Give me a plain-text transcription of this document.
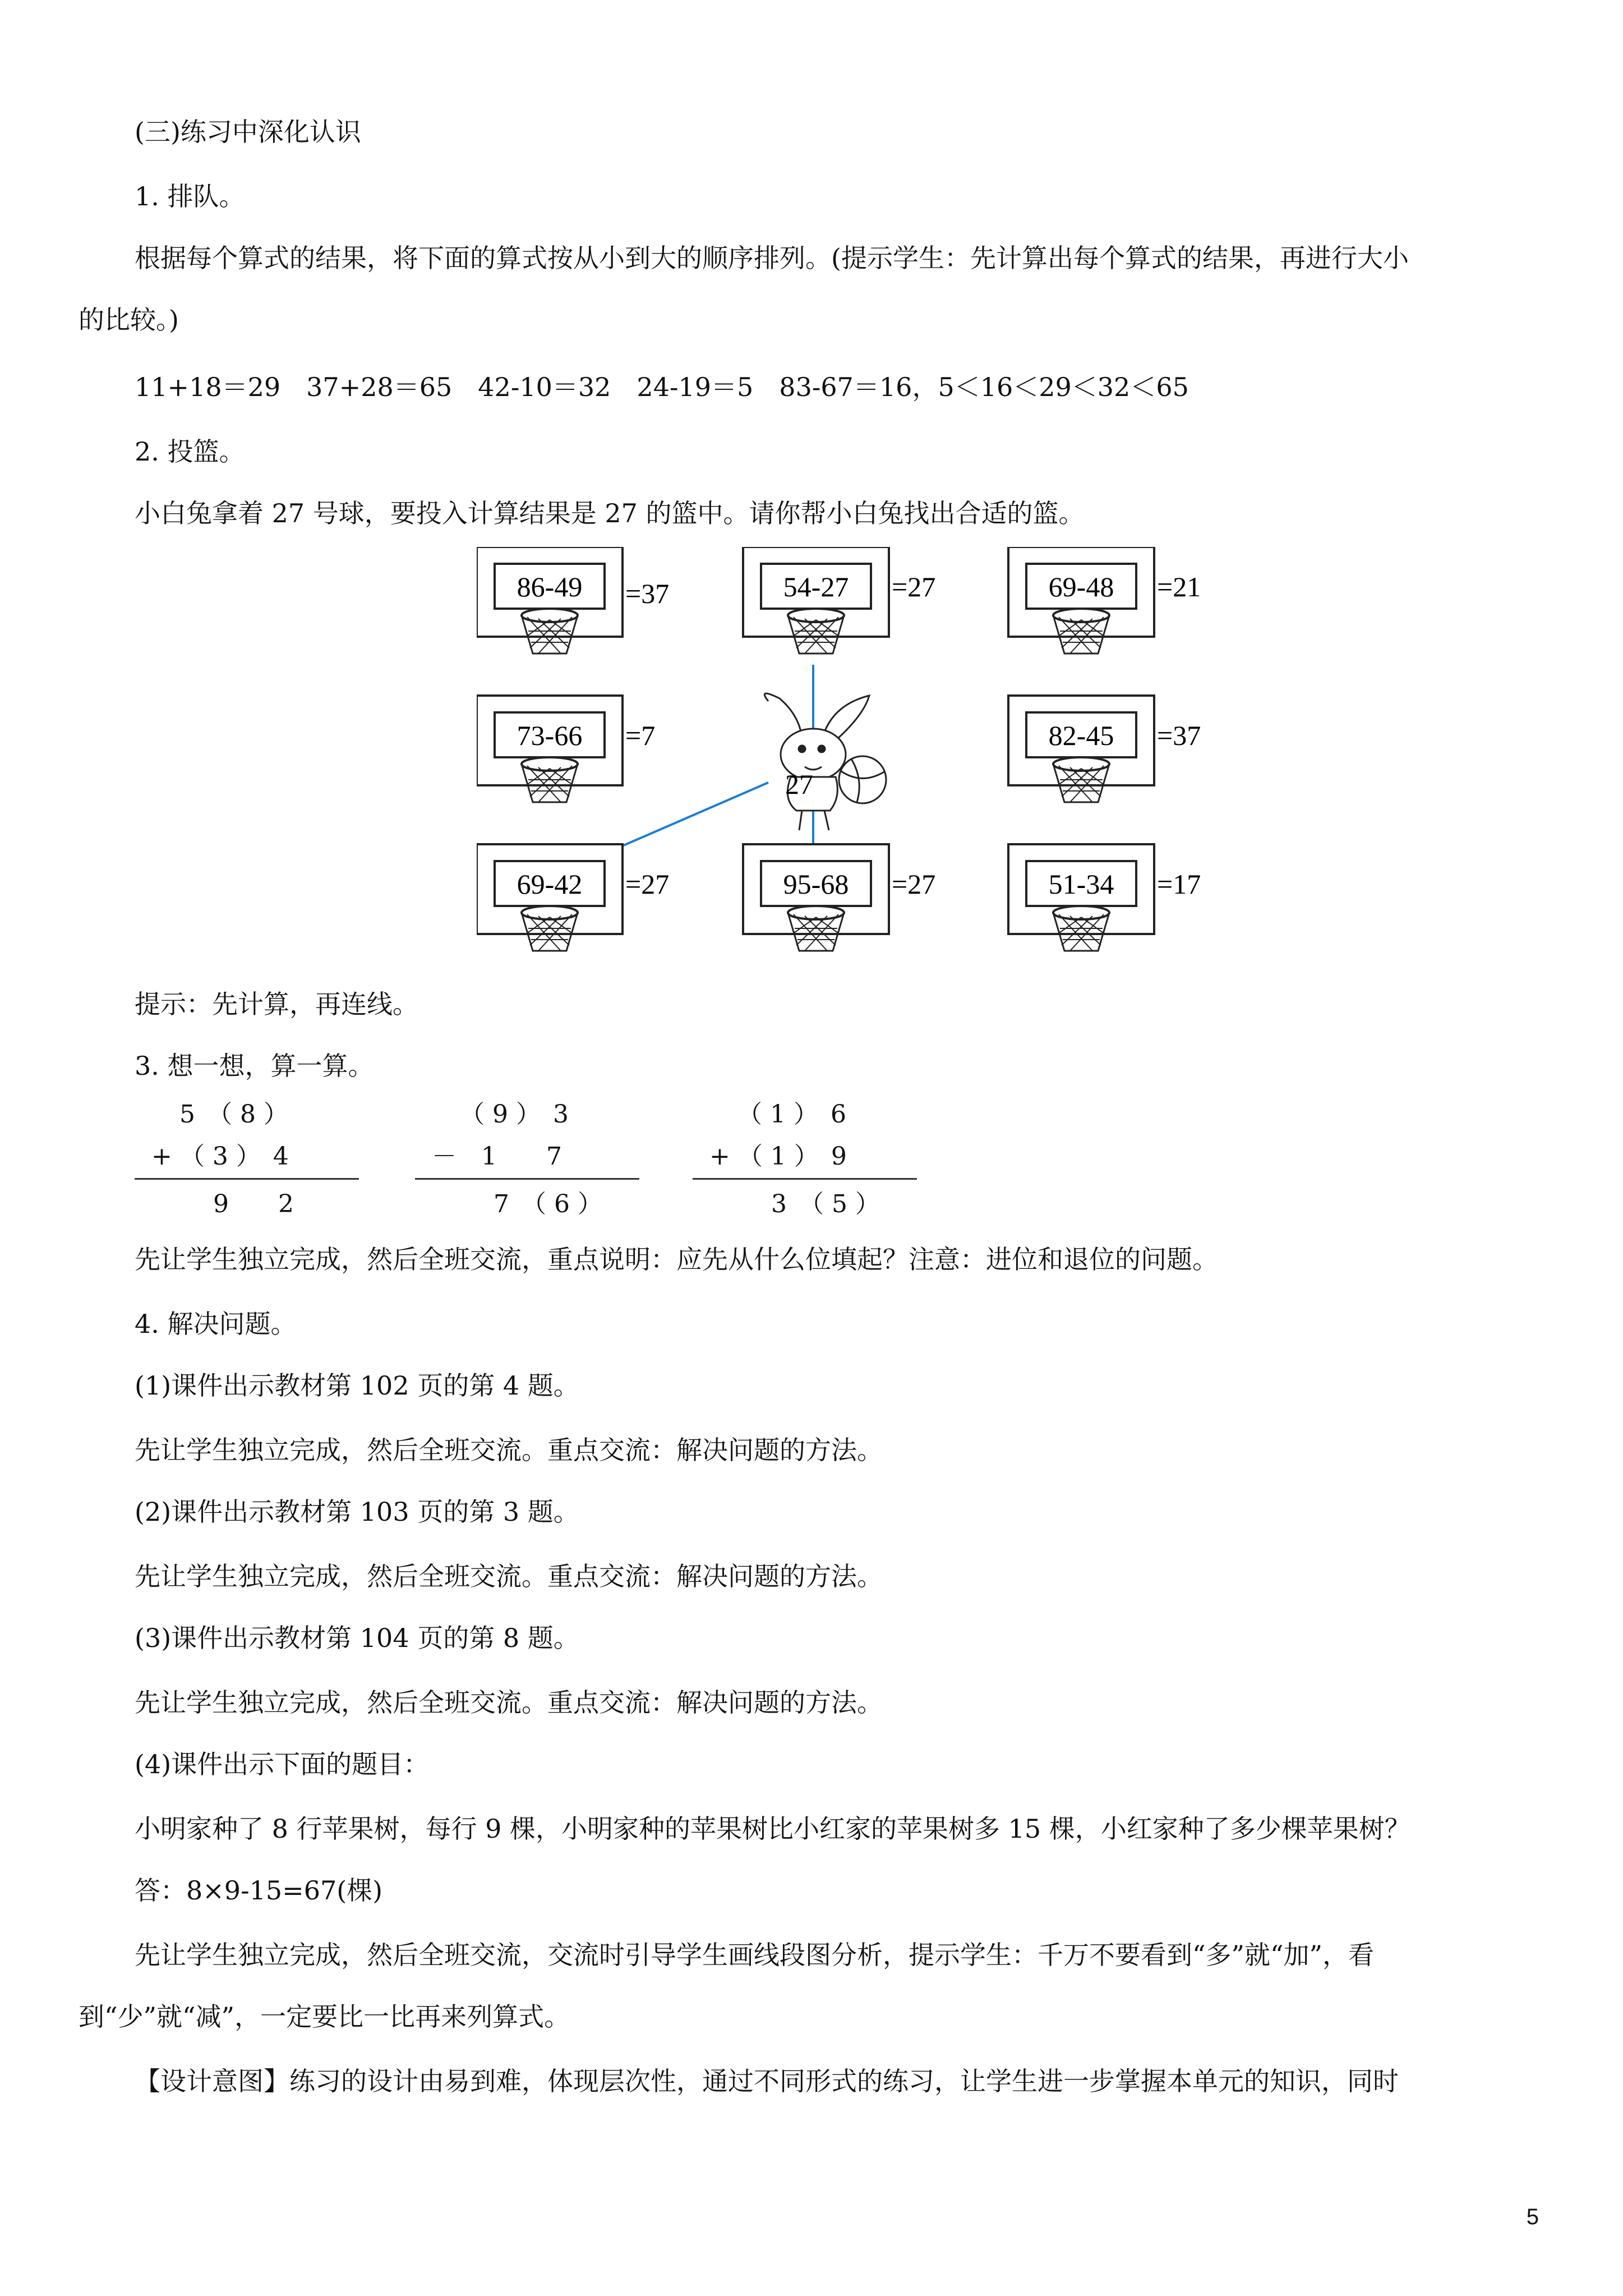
(三)练习中深化认识
1. 排队。
根据每个算式的结果，将下面的算式按从小到大的顺序排列。(提示学生：先计算出每个算式的结果，再进行大小
的比较。)
11+18＝29　37+28＝65　42-10＝32　24-19＝5　83-67＝16，5＜16＜29＜32＜65
2. 投篮。
小白兔拿着 27 号球，要投入计算结果是 27 的篮中。请你帮小白兔找出合适的篮。
86-49 =37	54-27 =27	69-48 =21
73-66 =7	82-45 =37
69-42 =27	95-68 =27	51-34 =17
27
提示：先计算，再连线。
3. 想一想，算一算。
5　（ 8 ）
+ （ 3 ）　4
9　　2
（ 9 ）　3
－　1　　7
7　（ 6 ）
（ 1 ）　6
+ （ 1 ）　9
3　（ 5 ）
先让学生独立完成，然后全班交流，重点说明：应先从什么位填起？注意：进位和退位的问题。
4. 解决问题。
(1)课件出示教材第 102 页的第 4 题。
先让学生独立完成，然后全班交流。重点交流：解决问题的方法。
(2)课件出示教材第 103 页的第 3 题。
先让学生独立完成，然后全班交流。重点交流：解决问题的方法。
(3)课件出示教材第 104 页的第 8 题。
先让学生独立完成，然后全班交流。重点交流：解决问题的方法。
(4)课件出示下面的题目：
小明家种了 8 行苹果树，每行 9 棵，小明家种的苹果树比小红家的苹果树多 15 棵，小红家种了多少棵苹果树？
答：8×9-15=67(棵)
先让学生独立完成，然后全班交流，交流时引导学生画线段图分析，提示学生：千万不要看到“多”就“加”，看到“少”就“减”，一定要比一比再来列算式。
【设计意图】练习的设计由易到难，体现层次性，通过不同形式的练习，让学生进一步掌握本单元的知识，同时
5
